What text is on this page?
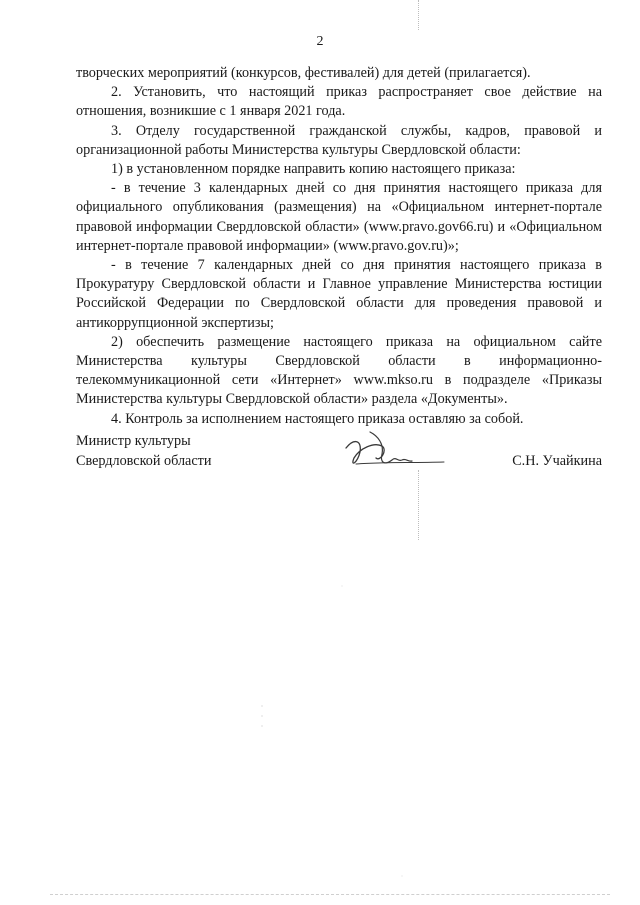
2

творческих мероприятий (конкурсов, фестивалей) для детей (прилагается).

2. Установить, что настоящий приказ распространяет свое действие на отношения, возникшие с 1 января 2021 года.

3. Отделу государственной гражданской службы, кадров, правовой и организационной работы Министерства культуры Свердловской области:

1) в установленном порядке направить копию настоящего приказа:

- в течение 3 календарных дней со дня принятия настоящего приказа для официального опубликования (размещения) на «Официальном интернет-портале правовой информации Свердловской области» (www.pravo.gov66.ru) и «Официальном интернет-портале правовой информации» (www.pravo.gov.ru)»;

- в течение 7 календарных дней со дня принятия настоящего приказа в Прокуратуру Свердловской области и Главное управление Министерства юстиции Российской Федерации по Свердловской области для проведения правовой и антикоррупционной экспертизы;

2) обеспечить размещение настоящего приказа на официальном сайте Министерства культуры Свердловской области в информационно-телекоммуникационной сети «Интернет» www.mkso.ru в подразделе «Приказы Министерства культуры Свердловской области» раздела «Документы».

4. Контроль за исполнением настоящего приказа оставляю за собой.

Министр культуры
Свердловской области	С.Н. Учайкина
